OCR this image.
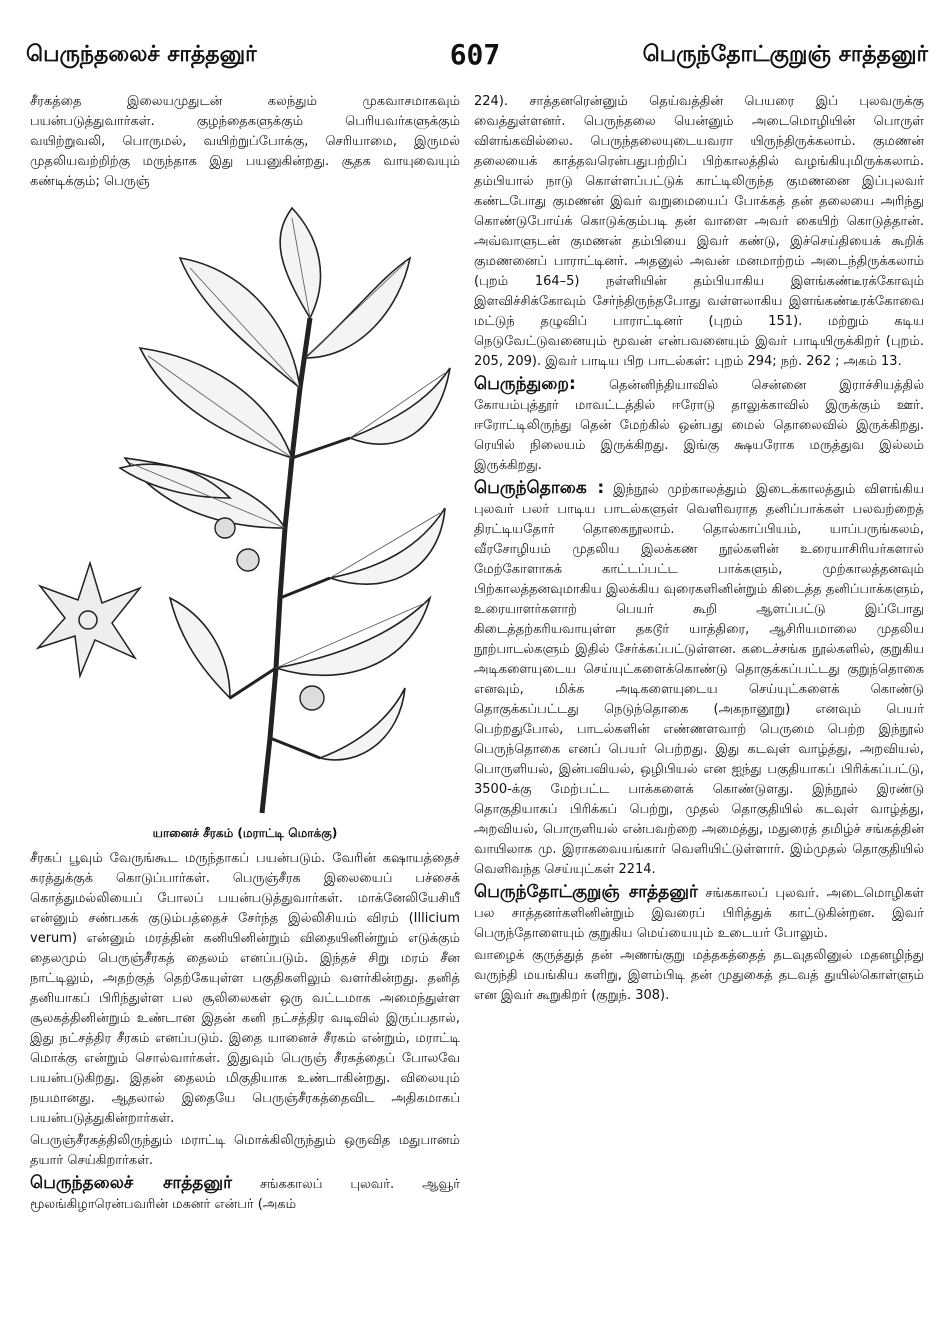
பெருந்தலைச் சாத்தனுர்	607	பெருந்தோட்குறுஞ் சாத்தனுர்

சீரகத்தை இலையமுதுடன் கலந்தும் முகவாசமாகவும் பயன்படுத்துவார்கள். குழந்தைகளுக்கும் பெரியவர்களுக்கும் வயிற்றுவலி, பொருமல், வயிற்றுப்போக்கு, செரியாமை, இருமல் முதலியவற்றிற்கு மருந்தாக இது பயனுகின்றது. சூதக வாயுவையும் கண்டிக்கும்; பெருஞ்

யானைச் சீரகம் (மராட்டி மொக்கு)

சீரகப் பூவும் வேருங்கூட மருந்தாகப் பயன்படும். வேரின் கஷாயத்தைச் சுரத்துக்குக் கொடுப்பார்கள். பெருஞ்சீரக இலையைப் பச்சைக் கொத்துமல்லியைப் போலப் பயன்படுத்துவார்கள். மாக்னேலியேசியீ என்னும் சண்பகக் குடும்பத்தைச் சேர்ந்த இல்லிசியம் விரம் (Illicium verum) என்னும் மரத்தின் கனியினின்றும் விதையினின்றும் எடுக்கும் தைலமும் பெருஞ்சீரகத் தைலம் எனப்படும். இந்தச் சிறு மரம் சீன நாட்டிலும், அதற்குத் தெற்கேயுள்ள பகுதிகளிலும் வளர்கின்றது. தனித் தனியாகப் பிரிந்துள்ள பல சூலிலைகள் ஒரு வட்டமாக அமைந்துள்ள சூலகத்தினின்றும் உண்டான இதன் கனி நட்சத்திர வடிவில் இருப்பதால், இது நட்சத்திர சீரகம் எனப்படும். இதை யானைச் சீரகம் என்றும், மராட்டி மொக்கு என்றும் சொல்வார்கள். இதுவும் பெருஞ் சீரகத்தைப் போலவே பயன்படுகிறது. இதன் தைலம் மிகுதியாக உண்டாகின்றது. விலையும் நயமானது. ஆதலால் இதையே பெருஞ்சீரகத்தைவிட அதிகமாகப் பயன்படுத்துகின்றார்கள்.

பெருஞ்சீரகத்திலிருந்தும் மராட்டி மொக்கிலிருந்தும் ஒருவித மதுபானம் தயார் செய்கிறார்கள்.

பெருந்தலைச் சாத்தனுர் சங்ககாலப் புலவர். ஆவூர் மூலங்கிழாரென்பவரின் மகனர் என்பர் (அகம்

224). சாத்தனரென்னும் தெய்வத்தின் பெயரை இப் புலவருக்கு வைத்துள்ளனர். பெருந்தலை யென்னும் அடைமொழியின் பொருள் விளங்கவில்லை. பெருந்தலையுடையவரா யிருந்திருக்கலாம். குமணன் தலையைக் காத்தவரென்பதுபற்றிப் பிற்காலத்தில் வழங்கியுமிருக்கலாம். தம்பியால் நாடு கொள்ளப்பட்டுக் காட்டிலிருந்த குமணனை இப்புலவர் கண்டபோது குமணன் இவர் வறுமையைப் போக்கத் தன் தலையை அரிந்து கொண்டுபோய்க் கொடுக்கும்படி தன் வாளை அவர் கையிற் கொடுத்தான். அவ்வாளுடன் குமணன் தம்பியை இவர் கண்டு, இச்செய்தியைக் கூறிக் குமணனைப் பாராட்டினர். அதனுல் அவன் மனமாற்றம் அடைந்திருக்கலாம் (புறம் 164–5) நள்ளியின் தம்பியாகிய இளங்கண்டீரக்கோவும் இளவிச்சிக்கோவும் சேர்ந்திருந்தபோது வள்ளலாகிய இளங்கண்டீரக்கோவை மட்டுந் தழுவிப் பாராட்டினர் (புறம் 151). மற்றும் கடிய நெடுவேட்டுவனையும் மூவன் என்பவனையும் இவர் பாடியிருக்கிறர் (புறம். 205, 209). இவர் பாடிய பிற பாடல்கள்: புறம் 294; நற். 262 ; அகம் 13.

பெருந்துறை:	தென்னிந்தியாவில் சென்னை இராச்சியத்தில் கோயம்புத்தூர் மாவட்டத்தில் ஈரோடு தாலுக்காவில் இருக்கும் ஊர். ஈரோட்டிலிருந்து தென் மேற்கில் ஒன்பது மைல் தொலைவில் இருக்கிறது. ரெயில் நிலையம் இருக்கிறது. இங்கு க்ஷயரோக மருத்துவ இல்லம் இருக்கிறது.

பெருந்தொகை : இந்நூல் முற்காலத்தும் இடைக்காலத்தும் விளங்கிய புலவர் பலர் பாடிய பாடல்களுள் வெளிவராத தனிப்பாக்கள் பலவற்றைத் திரட்டியதோர் தொகைநூலாம். தொல்காப்பியம், யாப்பருங்கலம், வீரசோழியம் முதலிய இலக்கண நூல்களின் உரையாசிரியர்களால் மேற்கோளாகக் காட்டப்பட்ட பாக்களும், முற்காலத்தனவும் பிற்காலத்தனவுமாகிய இலக்கிய வுரைகளினின்றும் கிடைத்த தனிப்பாக்களும், உரையாளர்களாற் பெயர் கூறி ஆளப்பட்டு இப்போது கிடைத்தற்கரியவாயுள்ள தகடூர் யாத்திரை, ஆசிரியமாலை முதலிய நூற்பாடல்களும் இதில் சேர்க்கப்பட்டுள்ளன. கடைச்சங்க நூல்களில், குறுகிய அடிகளையுடைய செய்யுட்களைக்கொண்டு தொகுக்கப்பட்டது குறுந்தொகை எனவும், மிக்க அடிகளையுடைய செய்யுட்களைக் கொண்டு தொகுக்கப்பட்டது நெடுந்தொகை (அகநானூறு) எனவும் பெயர் பெற்றதுபோல், பாடல்களின் எண்ணளவாற் பெருமை பெற்ற இந்நூல் பெருந்தொகை எனப் பெயர் பெற்றது. இது கடவுள் வாழ்த்து, அறவியல், பொருளியல், இன்பவியல், ஒழிபியல் என ஐந்து பகுதியாகப் பிரிக்கப்பட்டு, 3500-க்கு மேற்பட்ட பாக்களைக் கொண்டுளது. இந்நூல் இரண்டு தொகுதியாகப் பிரிக்கப் பெற்று, முதல் தொகுதியில் கடவுள் வாழ்த்து, அறவியல், பொருளியல் என்பவற்றை அமைத்து, மதுரைத் தமிழ்ச் சங்கத்தின் வாயிலாக மு. இராகவையங்கார் வெளியிட்டுள்ளார். இம்முதல் தொகுதியில் வெளிவந்த செய்யுட்கள் 2214.

பெருந்தோட்குறுஞ் சாத்தனுர் சங்ககாலப் புலவர். அடைமொழிகள் பல சாத்தனர்களினின்றும் இவரைப் பிரித்துக் காட்டுகின்றன. இவர் பெருந்தோளையும் குறுகிய மெய்யையும் உடையர் போலும்.

வாழைக் குருத்துத் தன் அணங்குறு மத்தகத்தைத் தடவுதலினுல் மதனழிந்து வருந்தி மயங்கிய களிறு, இளம்பிடி தன் முதுகைத் தடவத் துயில்கொள்ளும் என இவர் கூறுகிறர் (குறுந். 308).
